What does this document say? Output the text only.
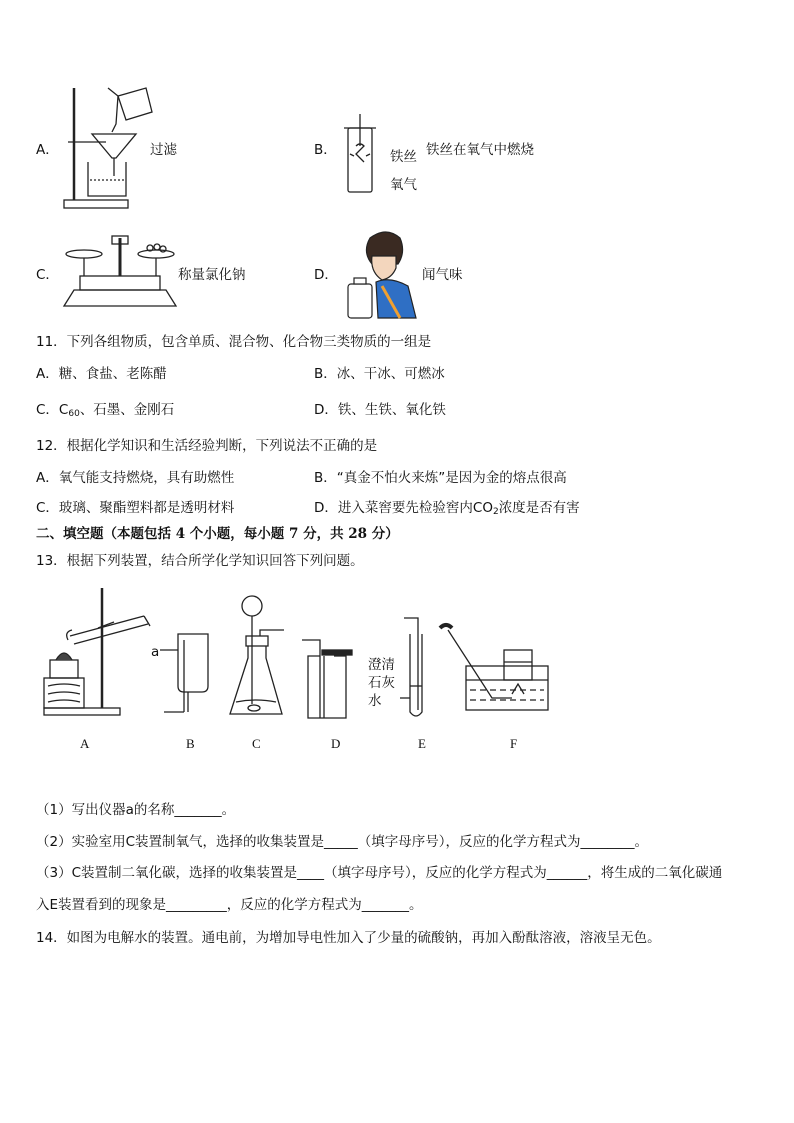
A．	过滤	B．	铁丝
氧气
铁丝在氧气中燃烧
C．	称量氯化钠	D．	闻气味
11．下列各组物质，包含单质、混合物、化合物三类物质的一组是
A．糖、食盐、老陈醋	B．冰、干冰、可燃冰
C．$C_{60}$、石墨、金刚石	D．铁、生铁、氧化铁
12．根据化学知识和生活经验判断，下列说法不正确的是
A．氧气能支持燃烧，具有助燃性	B．“真金不怕火来炼”是因为金的熔点很高
C．玻璃、聚酯塑料都是透明材料	D．进入菜窖要先检验窖内$CO_2$浓度是否有害
二、填空题（本题包括 4 个小题，每小题 7 分，共 28 分）
13．根据下列装置，结合所学化学知识回答下列问题。
A
a
B	C	D
澄清
石灰
水
E	F
（1）写出仪器a的名称_______。
（2）实验室用C装置制氧气，选择的收集装置是_____（填字母序号），反应的化学方程式为________。
（3）C装置制二氧化碳，选择的收集装置是____（填字母序号），反应的化学方程式为______，将生成的二氧化碳通
入E装置看到的现象是_________，反应的化学方程式为_______。
14．如图为电解水的装置。通电前，为增加导电性加入了少量的硫酸钠，再加入酚酞溶液，溶液呈无色。
